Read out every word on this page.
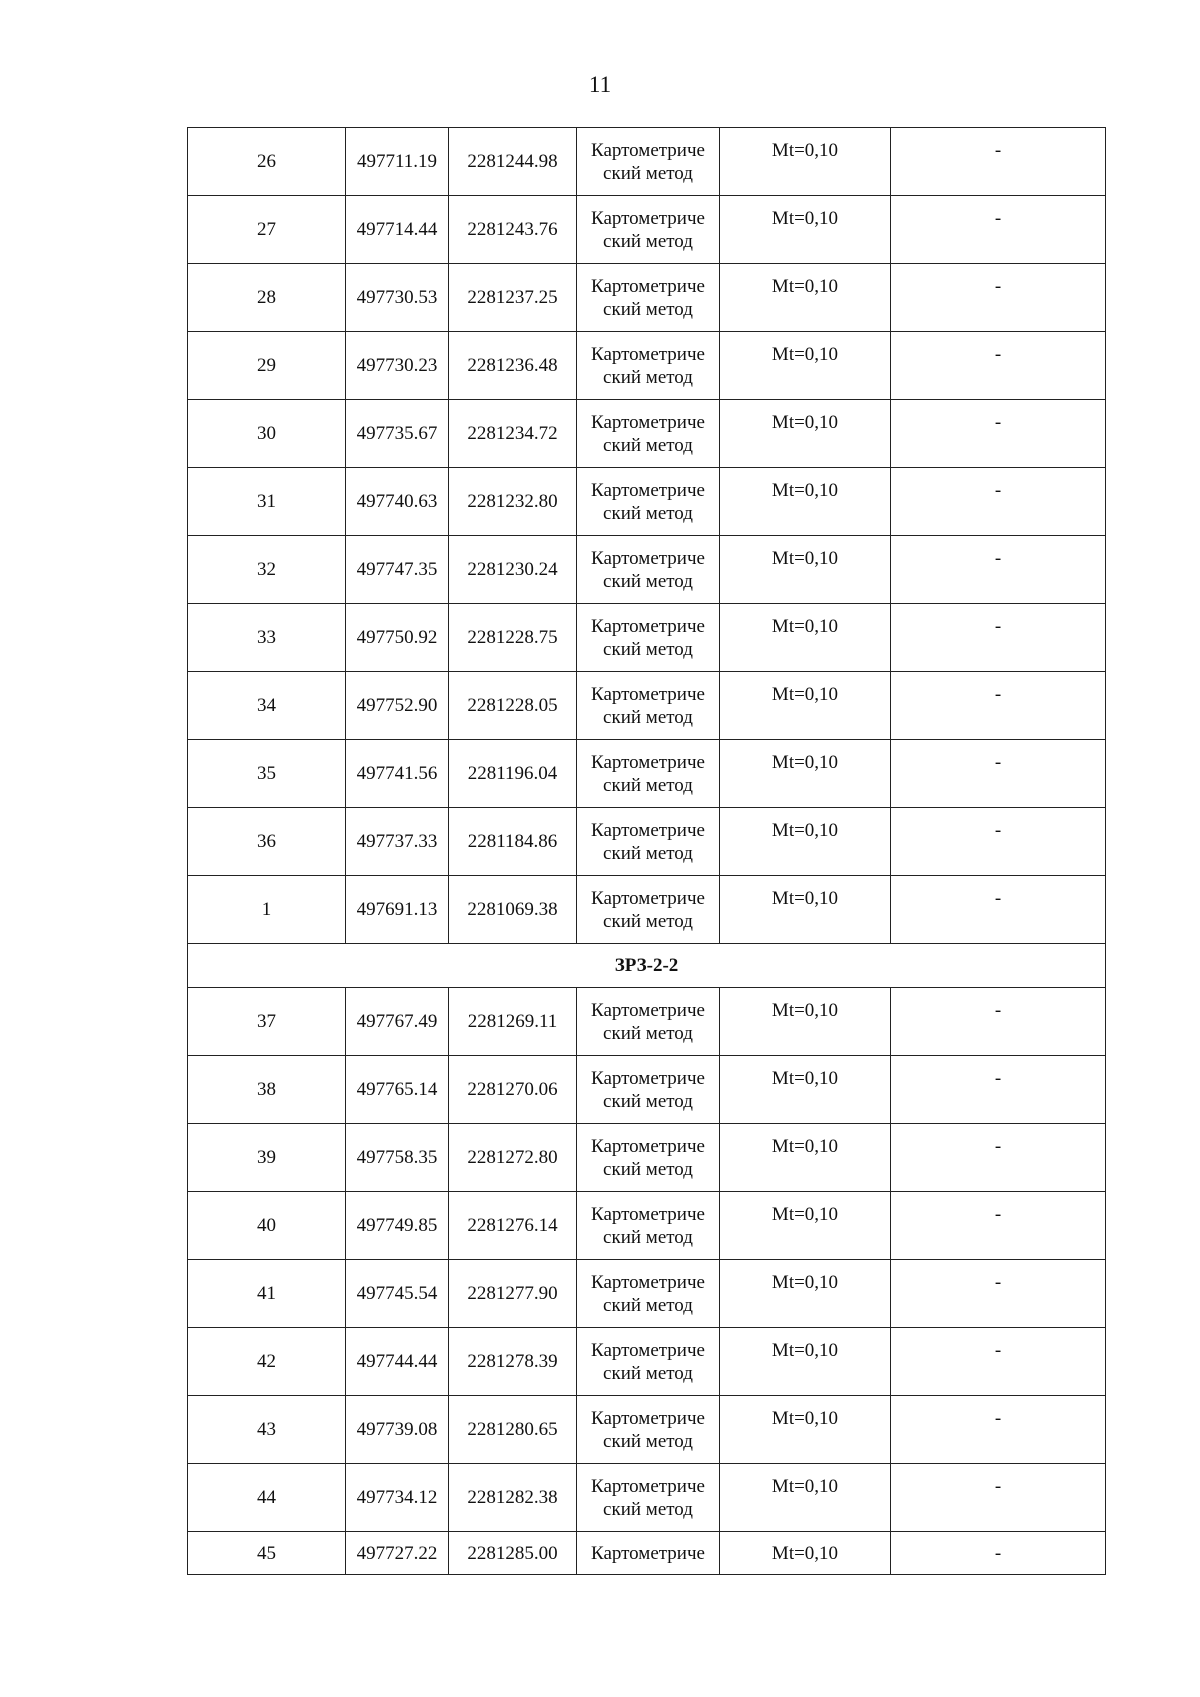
11
26	497711.19	2281244.98	Картометриче
ский метод	Mt=0,10	-

27	497714.44	2281243.76	Картометриче
ский метод	Mt=0,10	-

28	497730.53	2281237.25	Картометриче
ский метод	Mt=0,10	-

29	497730.23	2281236.48	Картометриче
ский метод	Mt=0,10	-

30	497735.67	2281234.72	Картометриче
ский метод	Mt=0,10	-

31	497740.63	2281232.80	Картометриче
ский метод	Mt=0,10	-

32	497747.35	2281230.24	Картометриче
ский метод	Mt=0,10	-

33	497750.92	2281228.75	Картометриче
ский метод	Mt=0,10	-

34	497752.90	2281228.05	Картометриче
ский метод	Mt=0,10	-

35	497741.56	2281196.04	Картометриче
ский метод	Mt=0,10	-

36	497737.33	2281184.86	Картометриче
ский метод	Mt=0,10	-

1	497691.13	2281069.38	Картометриче
ский метод	Mt=0,10	-

ЗРЗ-2-2					
37	497767.49	2281269.11	Картометриче
ский метод	Mt=0,10	-

38	497765.14	2281270.06	Картометриче
ский метод	Mt=0,10	-

39	497758.35	2281272.80	Картометриче
ский метод	Mt=0,10	-

40	497749.85	2281276.14	Картометриче
ский метод	Mt=0,10	-

41	497745.54	2281277.90	Картометриче
ский метод	Mt=0,10	-

42	497744.44	2281278.39	Картометриче
ский метод	Mt=0,10	-

43	497739.08	2281280.65	Картометриче
ский метод	Mt=0,10	-

44	497734.12	2281282.38	Картометриче
ский метод	Mt=0,10	-

45	497727.22	2281285.00	Картометриче	Mt=0,10	-
